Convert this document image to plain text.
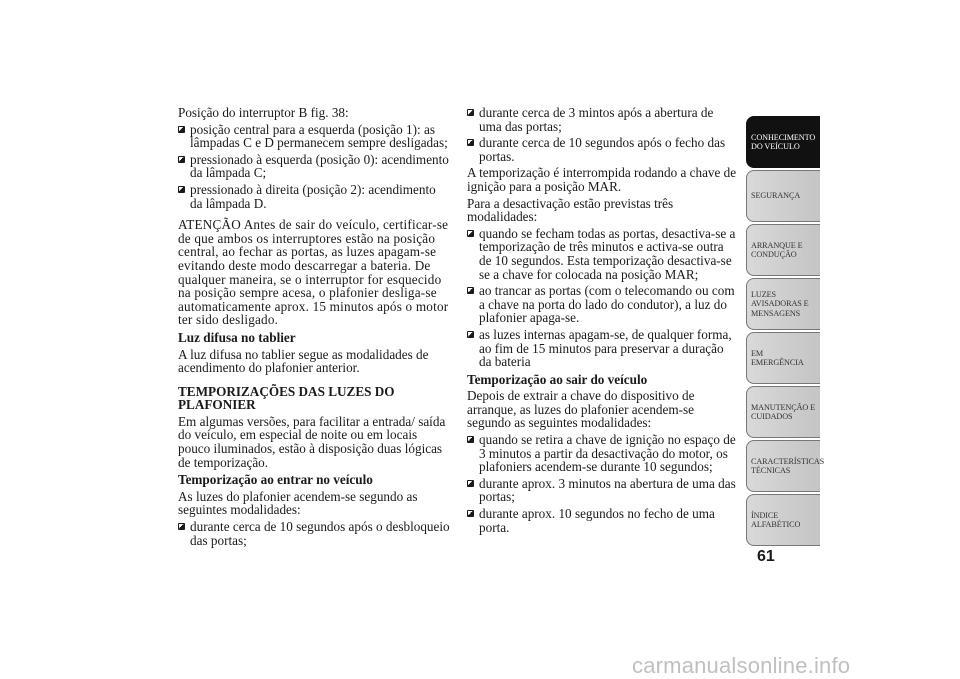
Posição do interruptor B fig. 38:

posição central para a esquerda (posição 1): as lâmpadas C e D permanecem sempre desligadas;
pressionado à esquerda (posição 0): acendimento da lâmpada C;
pressionado à direita (posição 2): acendimento da lâmpada D.

ATENÇÃO Antes de sair do veículo, certificar-se de que ambos os interruptores estão na posição central, ao fechar as portas, as luzes apagam-se evitando deste modo descarregar a bateria. De qualquer maneira, se o interruptor for esquecido na posição sempre acesa, o plafonier desliga-se automaticamente aprox. 15 minutos após o motor ter sido desligado.

Luz difusa no tablier

A luz difusa no tablier segue as modalidades de acendimento do plafonier anterior.

TEMPORIZAÇÕES DAS LUZES DO PLAFONIER

Em algumas versões, para facilitar a entrada/ saída do veículo, em especial de noite ou em locais pouco iluminados, estão à disposição duas lógicas de temporização.

Temporização ao entrar no veículo

As luzes do plafonier acendem-se segundo as seguintes modalidades:

durante cerca de 10 segundos após o desbloqueio das portas;
durante cerca de 3 mintos após a abertura de uma das portas;
durante cerca de 10 segundos após o fecho das portas.

A temporização é interrompida rodando a chave de ignição para a posição MAR.

Para a desactivação estão previstas três modalidades:

quando se fecham todas as portas, desactiva-se a temporização de três minutos e activa-se outra de 10 segundos. Esta temporização desactiva-se se a chave for colocada na posição MAR;
ao trancar as portas (com o telecomando ou com a chave na porta do lado do condutor), a luz do plafonier apaga-se.
as luzes internas apagam-se, de qualquer forma, ao fim de 15 minutos para preservar a duração da bateria
Temporização ao sair do veículo

Depois de extrair a chave do dispositivo de arranque, as luzes do plafonier acendem-se segundo as seguintes modalidades:

quando se retira a chave de ignição no espaço de 3 minutos a partir da desactivação do motor, os plafoniers acendem-se durante 10 segundos;
durante aprox. 3 minutos na abertura de uma das portas;
durante aprox. 10 segundos no fecho de uma porta.
CONHECIMENTO
DO VEÍCULO
SEGURANÇA
ARRANQUE E
CONDUÇÃO
LUZES
AVISADORAS E
MENSAGENS
EM EMERGÊNCIA
MANUTENÇÃO E
CUIDADOS
CARACTERÍSTICAS
TÉCNICAS
ÍNDICE
ALFABÉTICO
61
carmanualsonline.info
